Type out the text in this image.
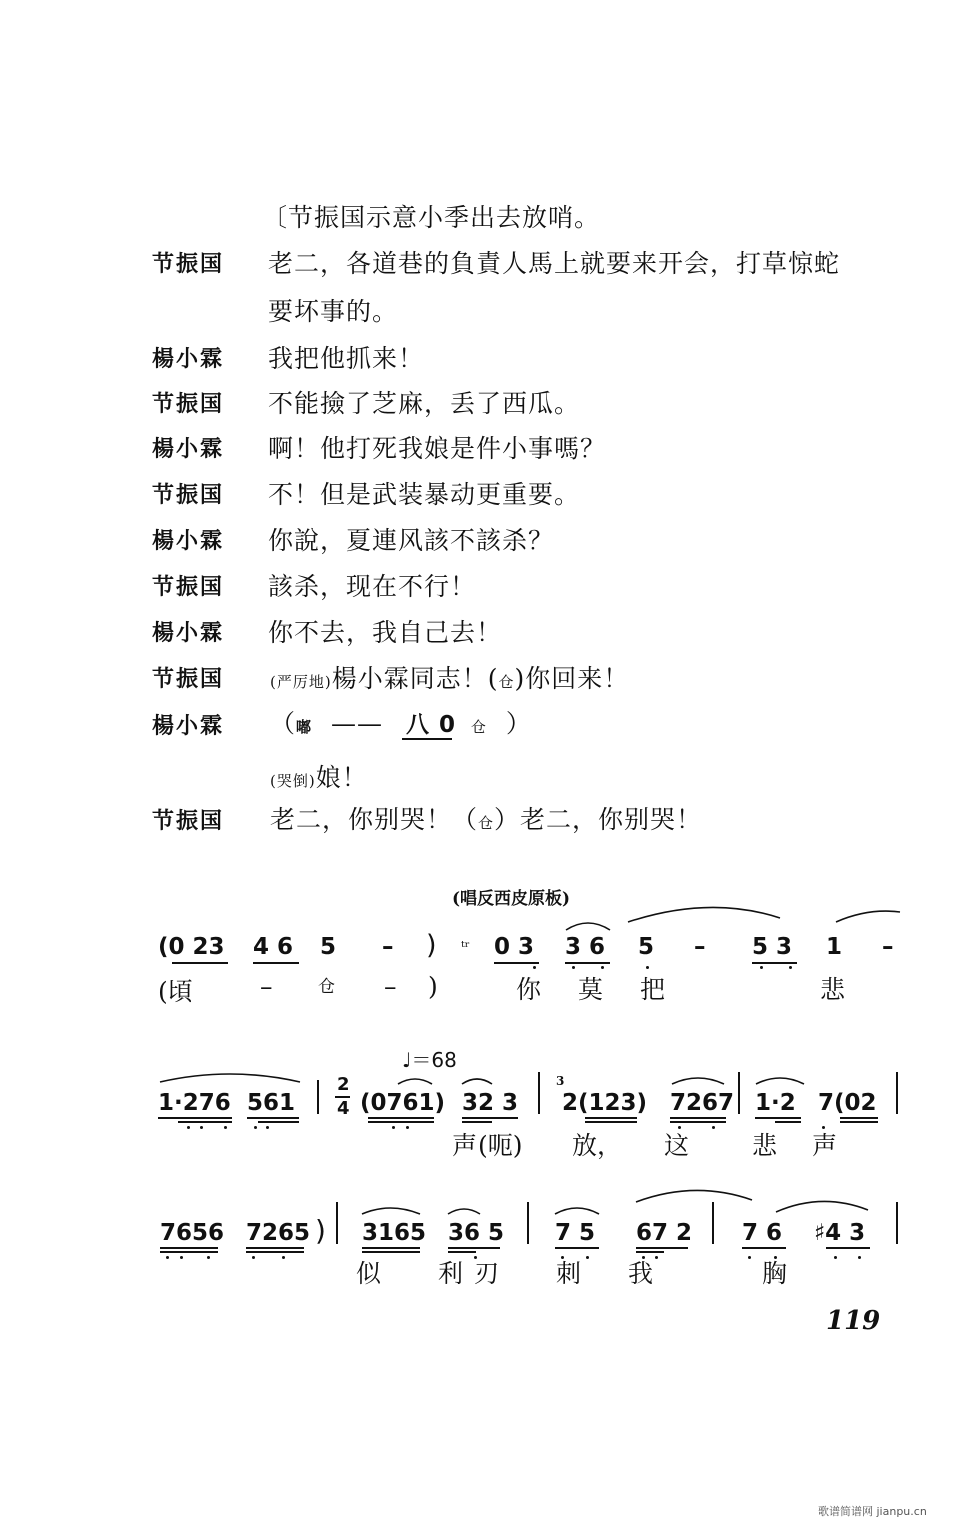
〔节振国示意小季出去放哨。
节振国 老二，各道巷的負責人馬上就要来开会，打草惊蛇
要坏事的。
楊小霖 我把他抓来！
节振国 不能撿了芝麻，丢了西瓜。
楊小霖 啊！他打死我娘是件小事嗎？
节振国 不！但是武装暴动更重要。
楊小霖 你說，夏連风該不該杀？
节振国 該杀，现在不行！
楊小霖 你不去，我自己去！
节振国	(严厉地)楊小霖同志！(仓)你回来！
楊小霖 （嘟 —— 八 0 仓 ）
(哭倒)娘！
节振国 老二，你别哭！（仓）老二，你别哭！
(唱反西皮原板)
(0 23 4 6 5 – ) ᵗʳ 0 3 3 6 5 – 5 3 1 –
(頃	–	仓 – )	你 莫 把	悲
♩＝68
1·276 561
2
4 (0761) 32 3
3
2(123) 7267 1·2 7(02
声 (呃) 放， 这	悲 声
7656 7265 ) 3165 36 5 7 5 67 2 7 6 ♯4 3
似 利 刃 刺 我	胸
119
歌谱简谱网 jianpu.cn
